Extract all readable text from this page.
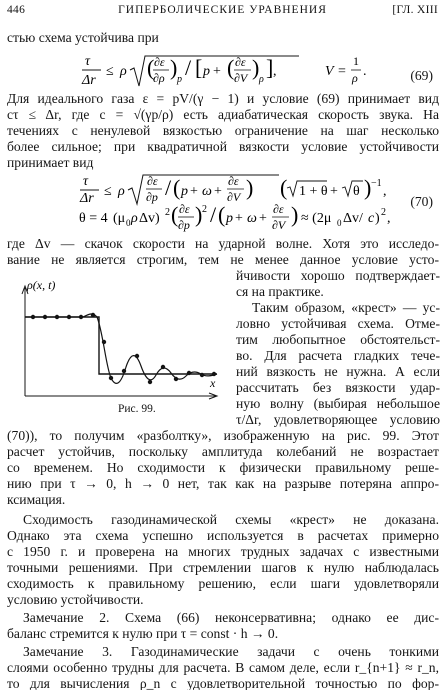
446	ГИПЕРБОЛИЧЕСКИЕ УРАВНЕНИЯ	[ГЛ. XIII
стью схема устойчива при
τ
Δr
≤ ρ ( ∂ε
∂ρ ) p / [ p + ( ∂ε
∂V ) ρ ] ,	V =
1
ρ .	(69)
Для идеального газа ε = pV/(γ − 1) и условие (69) принимает вид
cτ ≤ Δr, где c = √(γp/ρ) есть адиабатическая скорость звука. На
течениях с ненулевой вязкостью ограничение на шаг несколько
более сильное; при квадратичной вязкости условие устойчивости
принимает вид
τ
Δr ≤ ρ
∂ε
∂p / ( p + ω +
∂ε
∂V ) ( 1 + θ + θ ) −1
,
θ = 4 (μ 0 ρ Δv) 2 ( ∂ε
∂p ) 2 / ( p + ω +
∂ε
∂V ) ≈ (2μ 0 Δv/ c ) 2 ,
(70)
где Δv — скачок скорости на ударной волне. Хотя это исследо-
вание не является строгим, тем не менее данное условие усто-
ρ(x, t)
x
Рис. 99.
йчивости хорошо подтверждает-
ся на практике.
Таким образом, «крест» — ус-
ловно устойчивая схема. Отме-
тим любопытное обстоятельст-
во. Для расчета гладких тече-
ний вязкость не нужна. А если
рассчитать без вязкости удар-
ную волну (выбирая небольшое
τ/Δr, удовлетворяющее условию
(70)), то получим «разболтку», изображенную на рис. 99. Этот
расчет устойчив, поскольку амплитуда колебаний не возрастает
со временем. Но сходимости к физически правильному реше-
нию при τ → 0, h → 0 нет, так как на разрыве потеряна аппро-
ксимация.
Сходимость газодинамической схемы «крест» не доказана.
Однако эта схема успешно используется в расчетах примерно
с 1950 г. и проверена на многих трудных задачах с известными
точными решениями. При стремлении шагов к нулю наблюдалась
сходимость к правильному решению, если шаги удовлетворяли
условию устойчивости.
Замечание 2. Схема (66) неконсервативна; однако ее дис-
баланс стремится к нулю при τ = const · h → 0.
Замечание 3. Газодинамические задачи с очень тонкими
слоями особенно трудны для расчета. В самом деле, если r_{n+1} ≈ r_n,
то для вычисления ρ_n с удовлетворительной точностью по фор-
